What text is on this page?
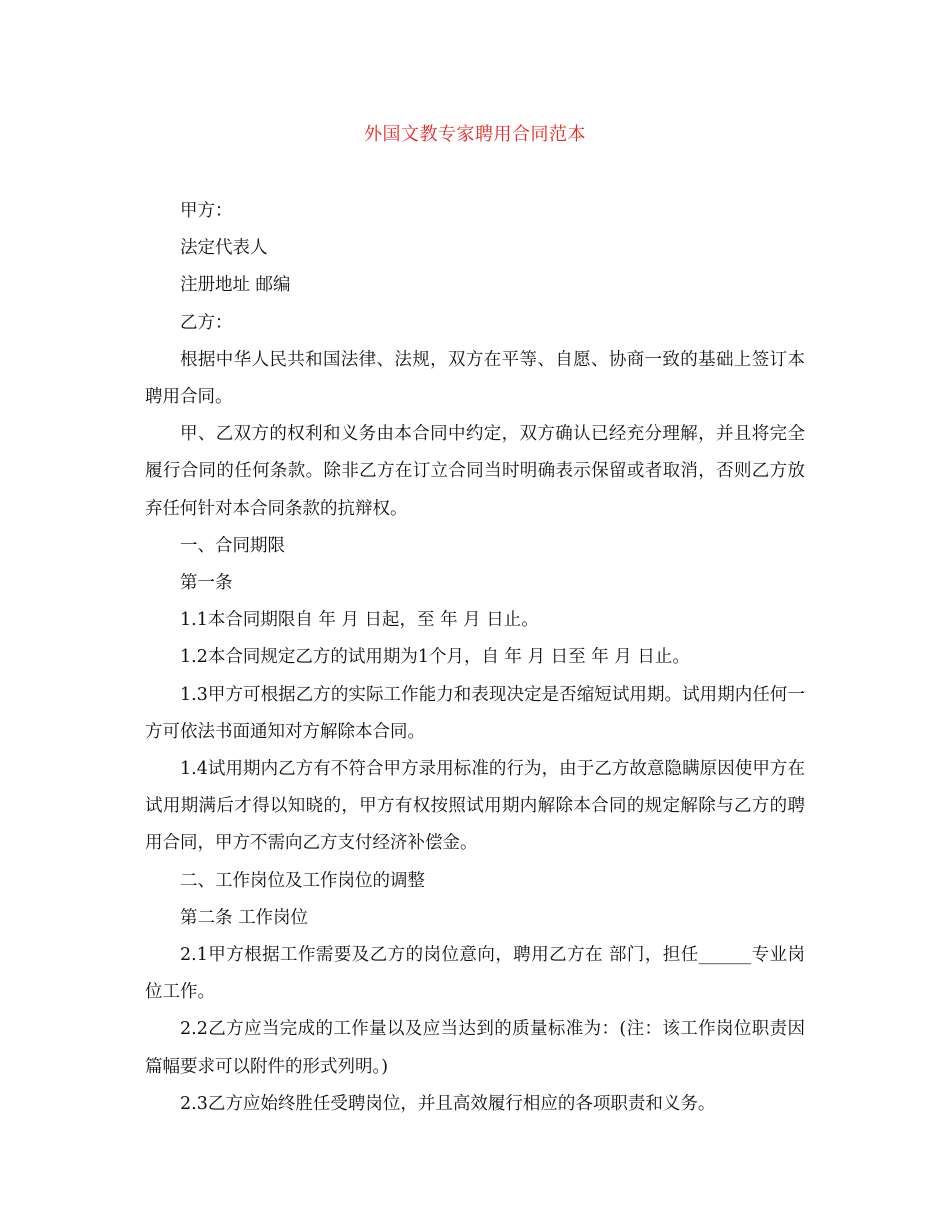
外国文教专家聘用合同范本

甲方：

法定代表人

注册地址 邮编

乙方：

根据中华人民共和国法律、法规，双方在平等、自愿、协商一致的基础上签订本聘用合同。

甲、乙双方的权利和义务由本合同中约定，双方确认已经充分理解，并且将完全履行合同的任何条款。除非乙方在订立合同当时明确表示保留或者取消，否则乙方放弃任何针对本合同条款的抗辩权。

一、合同期限

第一条

1.1本合同期限自 年 月 日起，至 年 月 日止。

1.2本合同规定乙方的试用期为1个月，自 年 月 日至 年 月 日止。

1.3甲方可根据乙方的实际工作能力和表现决定是否缩短试用期。试用期内任何一方可依法书面通知对方解除本合同。

1.4试用期内乙方有不符合甲方录用标准的行为，由于乙方故意隐瞒原因使甲方在试用期满后才得以知晓的，甲方有权按照试用期内解除本合同的规定解除与乙方的聘用合同，甲方不需向乙方支付经济补偿金。

二、工作岗位及工作岗位的调整

第二条 工作岗位

2.1甲方根据工作需要及乙方的岗位意向，聘用乙方在 部门，担任______专业岗位工作。

2.2乙方应当完成的工作量以及应当达到的质量标准为：(注：该工作岗位职责因篇幅要求可以附件的形式列明。)

2.3乙方应始终胜任受聘岗位，并且高效履行相应的各项职责和义务。
